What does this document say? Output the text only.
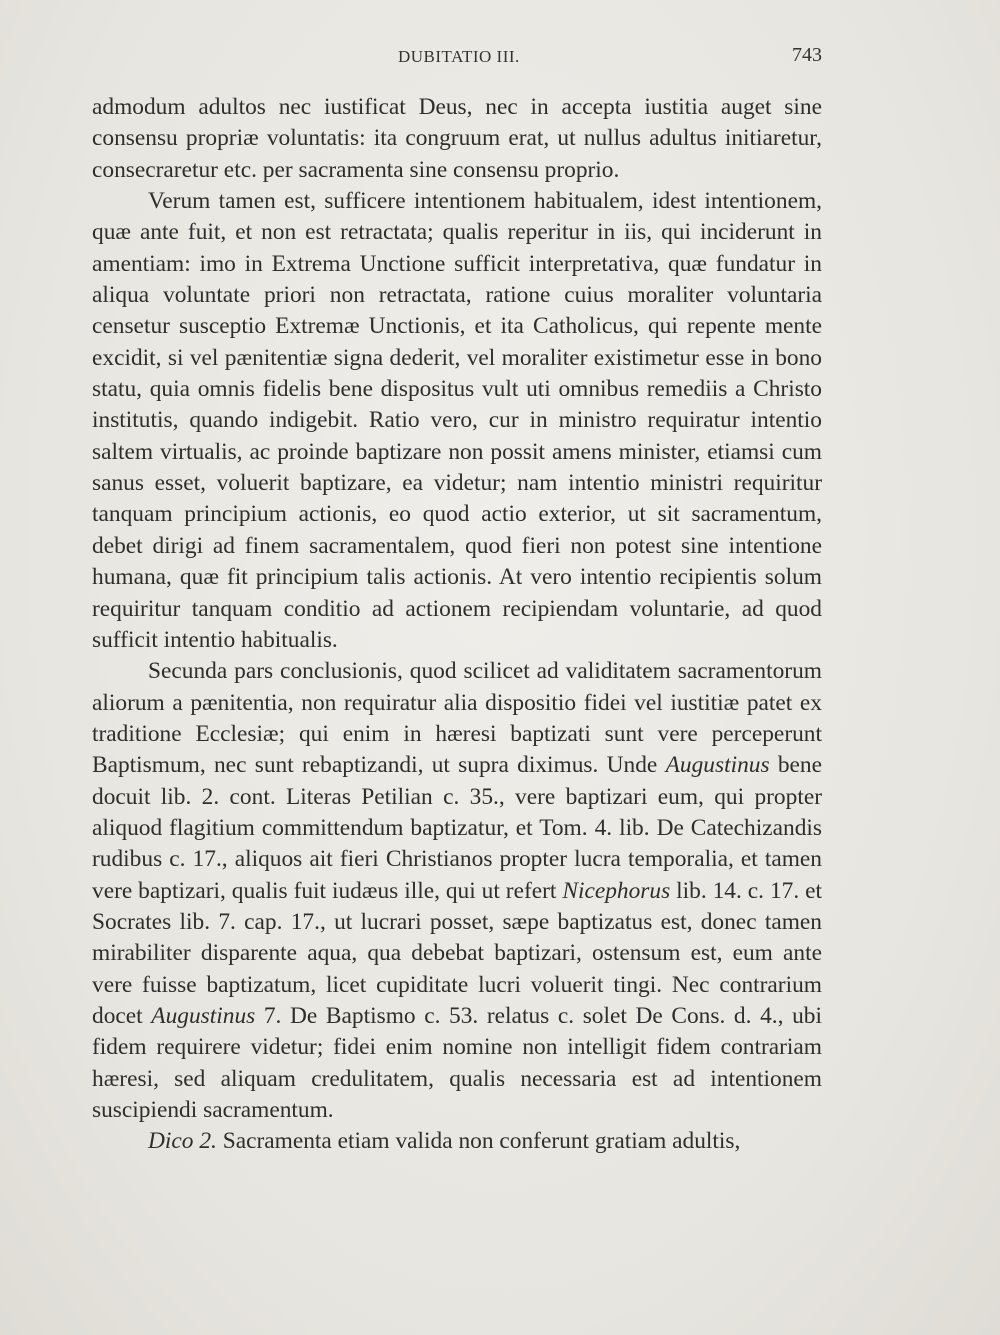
DUBITATIO III.	743

admodum adultos nec iustificat Deus, nec in accepta iustitia auget sine consensu propriæ voluntatis: ita congruum erat, ut nullus adultus initiaretur, consecraretur etc. per sacramenta sine consensu proprio.

Verum tamen est, sufficere intentionem habitualem, idest intentionem, quæ ante fuit, et non est retractata; qualis reperitur in iis, qui inciderunt in amentiam: imo in Extrema Unctione sufficit interpretativa, quæ fundatur in aliqua voluntate priori non retractata, ratione cuius moraliter voluntaria censetur susceptio Extremæ Unctionis, et ita Catholicus, qui repente mente excidit, si vel pænitentiæ signa dederit, vel moraliter existimetur esse in bono statu, quia omnis fidelis bene dispositus vult uti omnibus remediis a Christo institutis, quando indigebit. Ratio vero, cur in ministro requiratur intentio saltem virtualis, ac proinde baptizare non possit amens minister, etiamsi cum sanus esset, voluerit baptizare, ea videtur; nam intentio ministri requiritur tanquam principium actionis, eo quod actio exterior, ut sit sacramentum, debet dirigi ad finem sacramentalem, quod fieri non potest sine intentione humana, quæ fit principium talis actionis. At vero intentio recipientis solum requiritur tanquam conditio ad actionem recipiendam voluntarie, ad quod sufficit intentio habitualis.

Secunda pars conclusionis, quod scilicet ad validitatem sacramentorum aliorum a pænitentia, non requiratur alia dispositio fidei vel iustitiæ patet ex traditione Ecclesiæ; qui enim in hæresi baptizati sunt vere perceperunt Baptismum, nec sunt rebaptizandi, ut supra diximus. Unde Augustinus bene docuit lib. 2. cont. Literas Petilian c. 35., vere baptizari eum, qui propter aliquod flagitium committendum baptizatur, et Tom. 4. lib. De Catechizandis rudibus c. 17., aliquos ait fieri Christianos propter lucra temporalia, et tamen vere baptizari, qualis fuit iudæus ille, qui ut refert Nicephorus lib. 14. c. 17. et Socrates lib. 7. cap. 17., ut lucrari posset, sæpe baptizatus est, donec tamen mirabiliter disparente aqua, qua debebat baptizari, ostensum est, eum ante vere fuisse baptizatum, licet cupiditate lucri voluerit tingi. Nec contrarium docet Augustinus 7. De Baptismo c. 53. relatus c. solet De Cons. d. 4., ubi fidem requirere videtur; fidei enim nomine non intelligit fidem contrariam hæresi, sed aliquam credulitatem, qualis necessaria est ad intentionem suscipiendi sacramentum.

Dico 2. Sacramenta etiam valida non conferunt gratiam adultis,
